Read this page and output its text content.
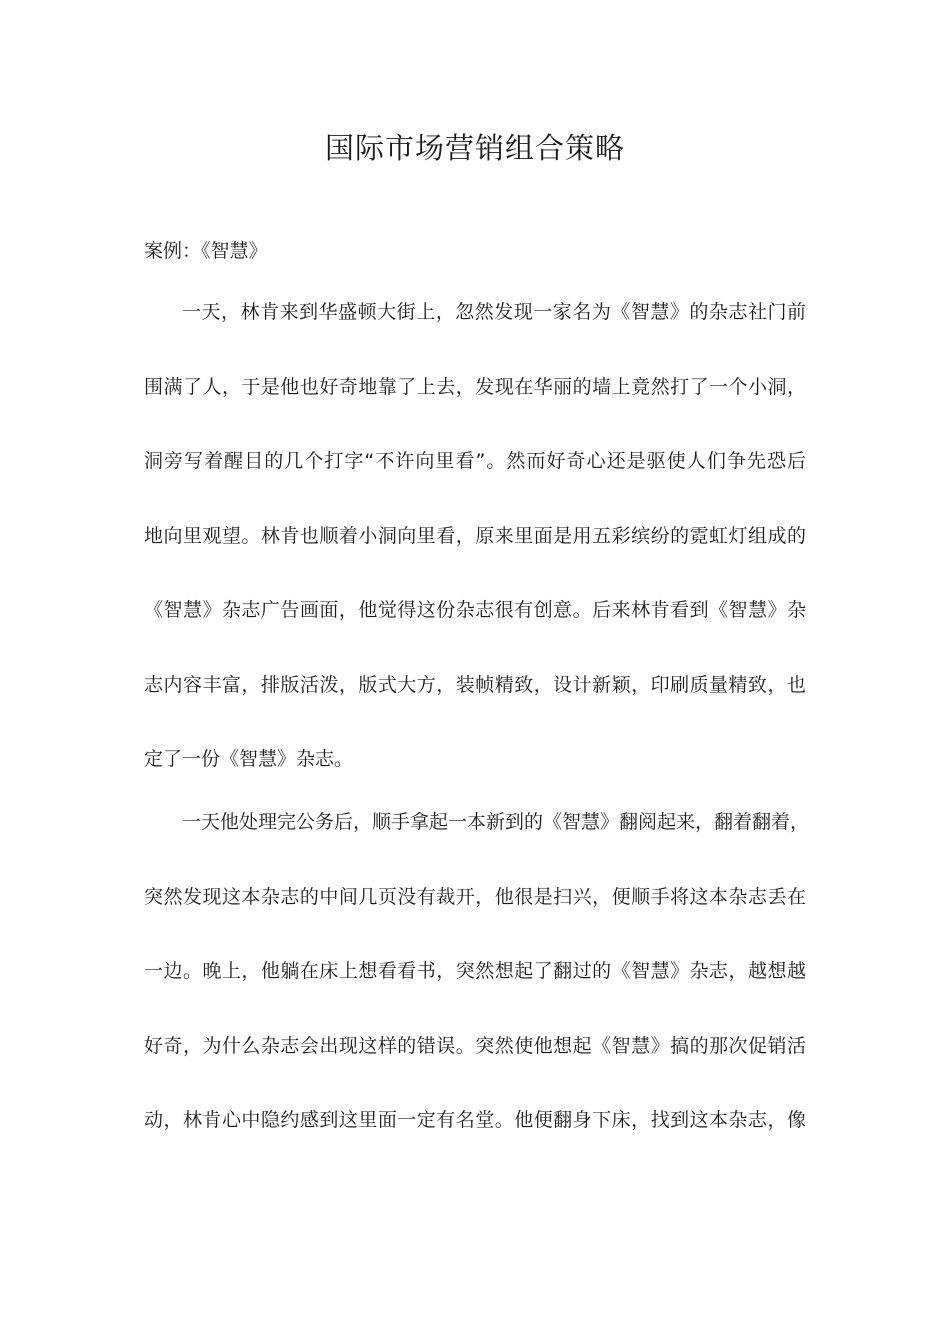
国际市场营销组合策略

案例：《智慧》

一天，林肯来到华盛顿大街上，忽然发现一家名为《智慧》的杂志社门前

围满了人，于是他也好奇地靠了上去，发现在华丽的墙上竟然打了一个小洞，

洞旁写着醒目的几个打字“不许向里看”。然而好奇心还是驱使人们争先恐后

地向里观望。林肯也顺着小洞向里看，原来里面是用五彩缤纷的霓虹灯组成的

《智慧》杂志广告画面，他觉得这份杂志很有创意。后来林肯看到《智慧》杂

志内容丰富，排版活泼，版式大方，装帧精致，设计新颖，印刷质量精致，也

定了一份《智慧》杂志。

一天他处理完公务后，顺手拿起一本新到的《智慧》翻阅起来，翻着翻着，

突然发现这本杂志的中间几页没有裁开，他很是扫兴，便顺手将这本杂志丢在

一边。晚上，他躺在床上想看看书，突然想起了翻过的《智慧》杂志，越想越

好奇，为什么杂志会出现这样的错误。突然使他想起《智慧》搞的那次促销活

动，林肯心中隐约感到这里面一定有名堂。他便翻身下床，找到这本杂志，像
